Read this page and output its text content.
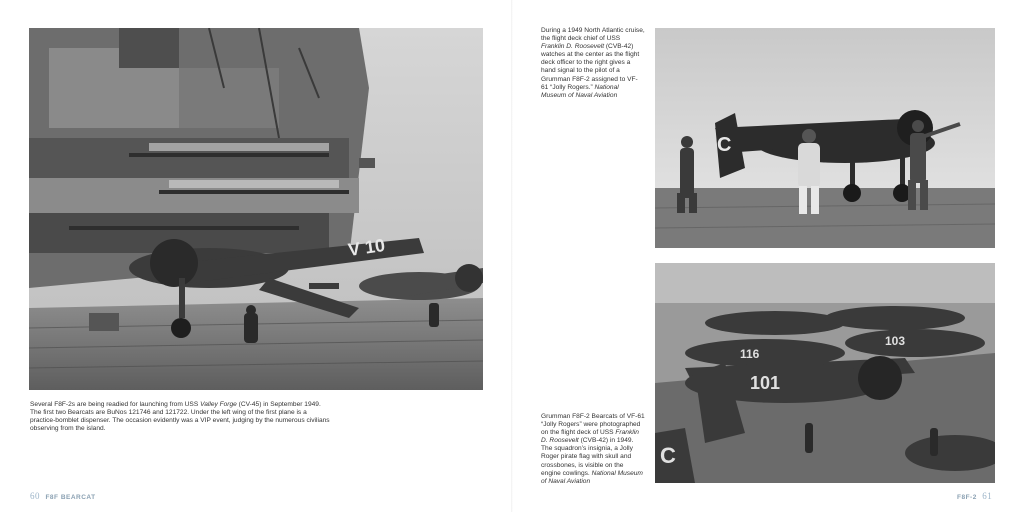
V 10
C
101
116
103
C
Several F8F-2s are being readied for launching from USS Valley Forge (CV-45) in September 1949. The first two Bearcats are BuNos 121746 and 121722. Under the left wing of the first plane is a practice-bomblet dispenser. The occasion evidently was a VIP event, judging by the numerous civilians observing from the island.
During a 1949 North Atlantic cruise, the flight deck chief of USS Franklin D. Roosevelt (CVB-42) watches at the center as the flight deck officer to the right gives a hand signal to the pilot of a Grumman F8F-2 assigned to VF-61 “Jolly Rogers.” National Museum of Naval Aviation
Grumman F8F-2 Bearcats of VF-61 “Jolly Rogers” were photographed on the flight deck of USS Franklin D. Roosevelt (CVB-42) in 1949. The squadron’s insignia, a Jolly Roger pirate flag with skull and crossbones, is visible on the engine cowlings. National Museum of Naval Aviation
60 F8F BEARCAT	F8F-2 61
